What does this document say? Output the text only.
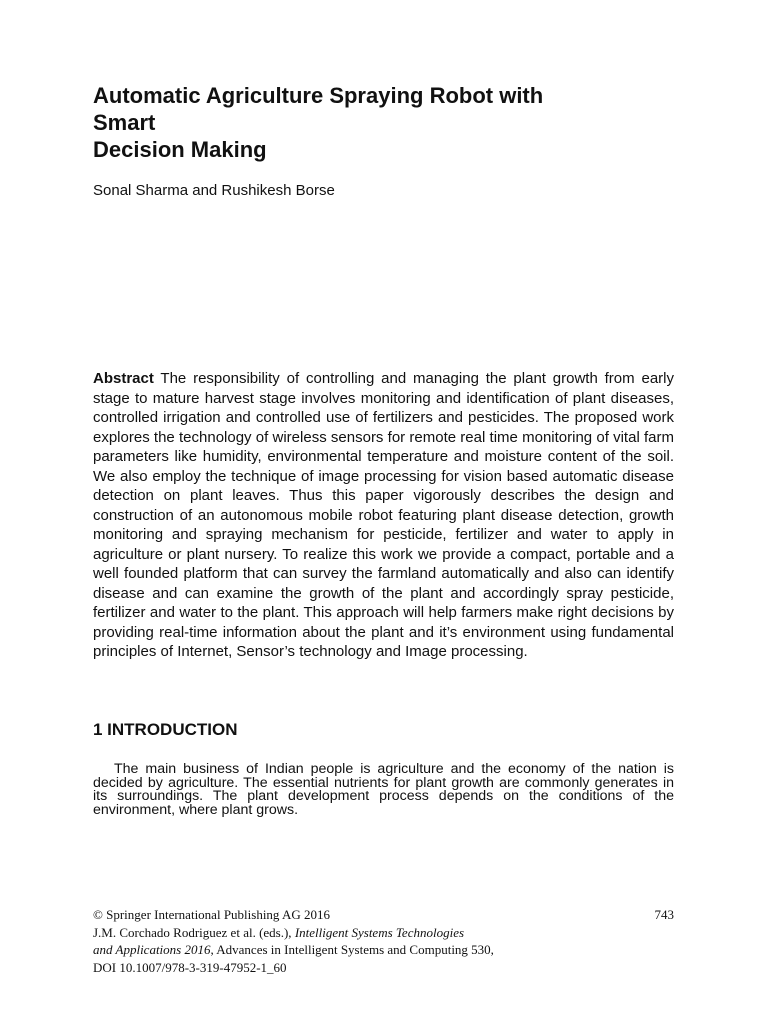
Automatic Agriculture Spraying Robot with
Smart
Decision Making
Sonal Sharma and Rushikesh Borse

Abstract The responsibility of controlling and managing the plant growth from early stage to mature harvest stage involves monitoring and identification of plant diseases, controlled irrigation and controlled use of fertilizers and pesticides. The proposed work explores the technology of wireless sensors for remote real time monitoring of vital farm parameters like humidity, environmental temperature and moisture content of the soil. We also employ the technique of image processing for vision based automatic disease detection on plant leaves. Thus this paper vigorously describes the design and construction of an autonomous mobile robot featuring plant disease detection, growth monitoring and spraying mechanism for pesticide, fertilizer and water to apply in agriculture or plant nursery. To realize this work we provide a compact, portable and a well founded platform that can survey the farmland automatically and also can identify disease and can examine the growth of the plant and accordingly spray pesticide, fertilizer and water to the plant. This approach will help farmers make right decisions by providing real-time information about the plant and it’s environment using fundamental principles of Internet, Sensor’s technology and Image processing.

1 INTRODUCTION

The main business of Indian people is agriculture and the economy of the nation is decided by agriculture. The essential nutrients for plant growth are commonly generates in its surroundings. The plant development process depends on the conditions of the environment, where plant grows.

© Springer International Publishing AG 2016	743
J.M. Corchado Rodriguez et al. (eds.), Intelligent Systems Technologies
and Applications 2016, Advances in Intelligent Systems and Computing 530,
DOI 10.1007/978-3-319-47952-1_60
